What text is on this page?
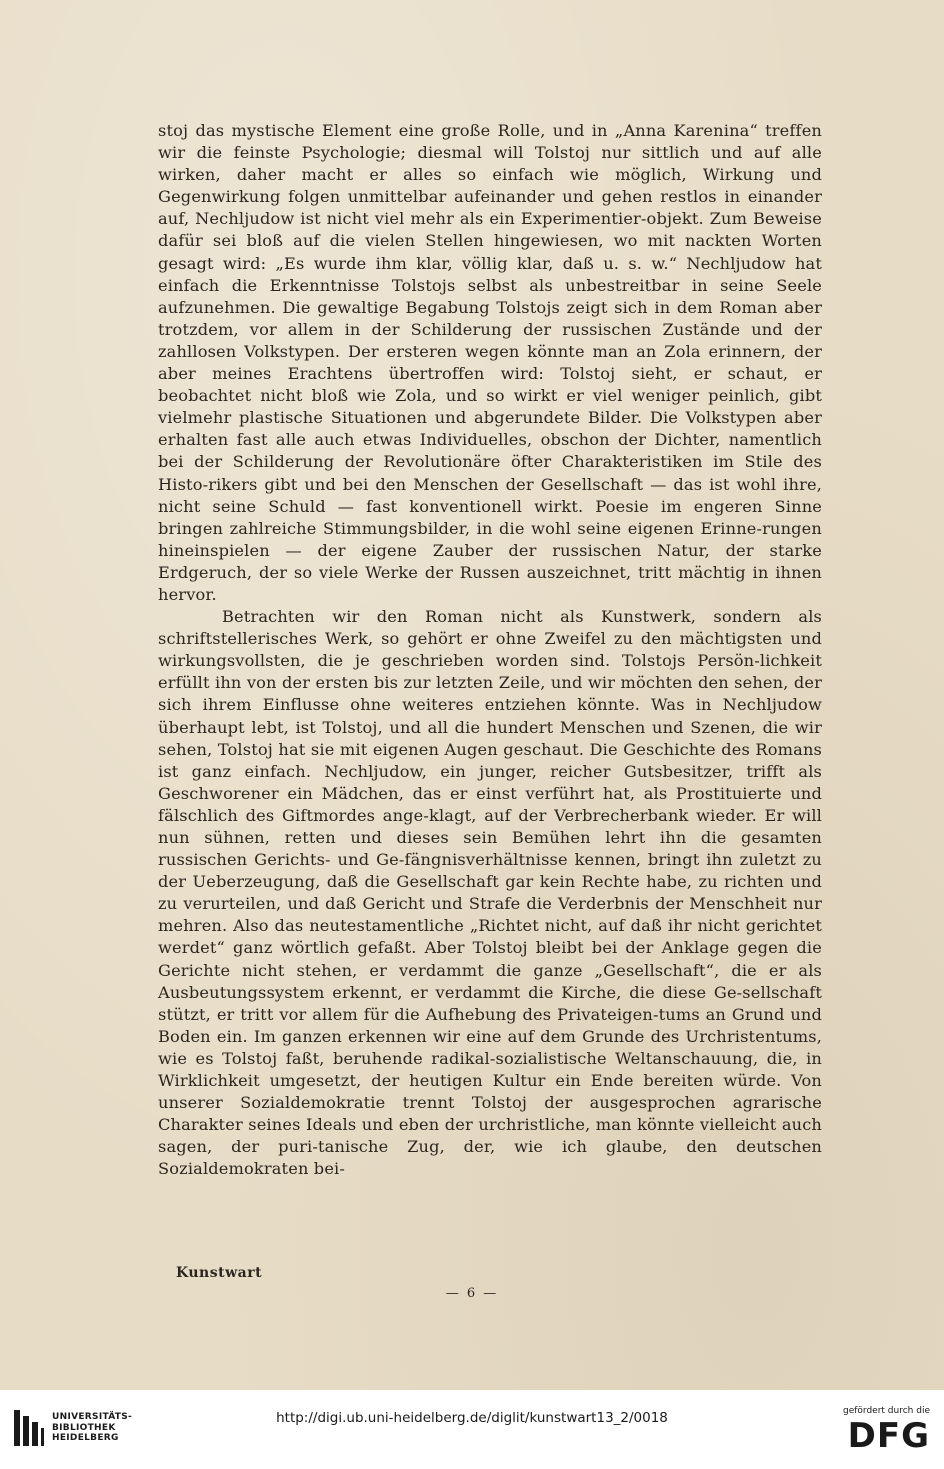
stoj das mystische Element eine große Rolle, und in „Anna Karenina“ treffen wir die feinste Psychologie; diesmal will Tolstoj nur sittlich und auf alle wirken, daher macht er alles so einfach wie möglich, Wirkung und Gegenwirkung folgen unmittelbar aufeinander und gehen restlos in einander auf, Nechljudow ist nicht viel mehr als ein Experimentier-objekt. Zum Beweise dafür sei bloß auf die vielen Stellen hingewiesen, wo mit nackten Worten gesagt wird: „Es wurde ihm klar, völlig klar, daß u. s. w.“ Nechljudow hat einfach die Erkenntnisse Tolstojs selbst als unbestreitbar in seine Seele aufzunehmen. Die gewaltige Begabung Tolstojs zeigt sich in dem Roman aber trotzdem, vor allem in der Schilderung der russischen Zustände und der zahllosen Volkstypen. Der ersteren wegen könnte man an Zola erinnern, der aber meines Erachtens übertroffen wird: Tolstoj sieht, er schaut, er beobachtet nicht bloß wie Zola, und so wirkt er viel weniger peinlich, gibt vielmehr plastische Situationen und abgerundete Bilder. Die Volkstypen aber erhalten fast alle auch etwas Individuelles, obschon der Dichter, namentlich bei der Schilderung der Revolutionäre öfter Charakteristiken im Stile des Histo-rikers gibt und bei den Menschen der Gesellschaft — das ist wohl ihre, nicht seine Schuld — fast konventionell wirkt. Poesie im engeren Sinne bringen zahlreiche Stimmungsbilder, in die wohl seine eigenen Erinne-rungen hineinspielen — der eigene Zauber der russischen Natur, der starke Erdgeruch, der so viele Werke der Russen auszeichnet, tritt mächtig in ihnen hervor.

Betrachten wir den Roman nicht als Kunstwerk, sondern als schriftstellerisches Werk, so gehört er ohne Zweifel zu den mächtigsten und wirkungsvollsten, die je geschrieben worden sind. Tolstojs Persön-lichkeit erfüllt ihn von der ersten bis zur letzten Zeile, und wir möchten den sehen, der sich ihrem Einflusse ohne weiteres entziehen könnte. Was in Nechljudow überhaupt lebt, ist Tolstoj, und all die hundert Menschen und Szenen, die wir sehen, Tolstoj hat sie mit eigenen Augen geschaut. Die Geschichte des Romans ist ganz einfach. Nechljudow, ein junger, reicher Gutsbesitzer, trifft als Geschworener ein Mädchen, das er einst verführt hat, als Prostituierte und fälschlich des Giftmordes ange-klagt, auf der Verbrecherbank wieder. Er will nun sühnen, retten und dieses sein Bemühen lehrt ihn die gesamten russischen Gerichts- und Ge-fängnisverhältnisse kennen, bringt ihn zuletzt zu der Ueberzeugung, daß die Gesellschaft gar kein Rechte habe, zu richten und zu verurteilen, und daß Gericht und Strafe die Verderbnis der Menschheit nur mehren. Also das neutestamentliche „Richtet nicht, auf daß ihr nicht gerichtet werdet“ ganz wörtlich gefaßt. Aber Tolstoj bleibt bei der Anklage gegen die Gerichte nicht stehen, er verdammt die ganze „Gesellschaft“, die er als Ausbeutungssystem erkennt, er verdammt die Kirche, die diese Ge-sellschaft stützt, er tritt vor allem für die Aufhebung des Privateigen-tums an Grund und Boden ein. Im ganzen erkennen wir eine auf dem Grunde des Urchristentums, wie es Tolstoj faßt, beruhende radikal-sozialistische Weltanschauung, die, in Wirklichkeit umgesetzt, der heutigen Kultur ein Ende bereiten würde. Von unserer Sozialdemokratie trennt Tolstoj der ausgesprochen agrarische Charakter seines Ideals und eben der urchristliche, man könnte vielleicht auch sagen, der puri-tanische Zug, der, wie ich glaube, den deutschen Sozialdemokraten bei-

Kunstwart
— 6 —
UNIVERSITÄTS-
BIBLIOTHEK
HEIDELBERG
http://digi.ub.uni-heidelberg.de/diglit/kunstwart13_2/0018	gefördert durch die
DFG
